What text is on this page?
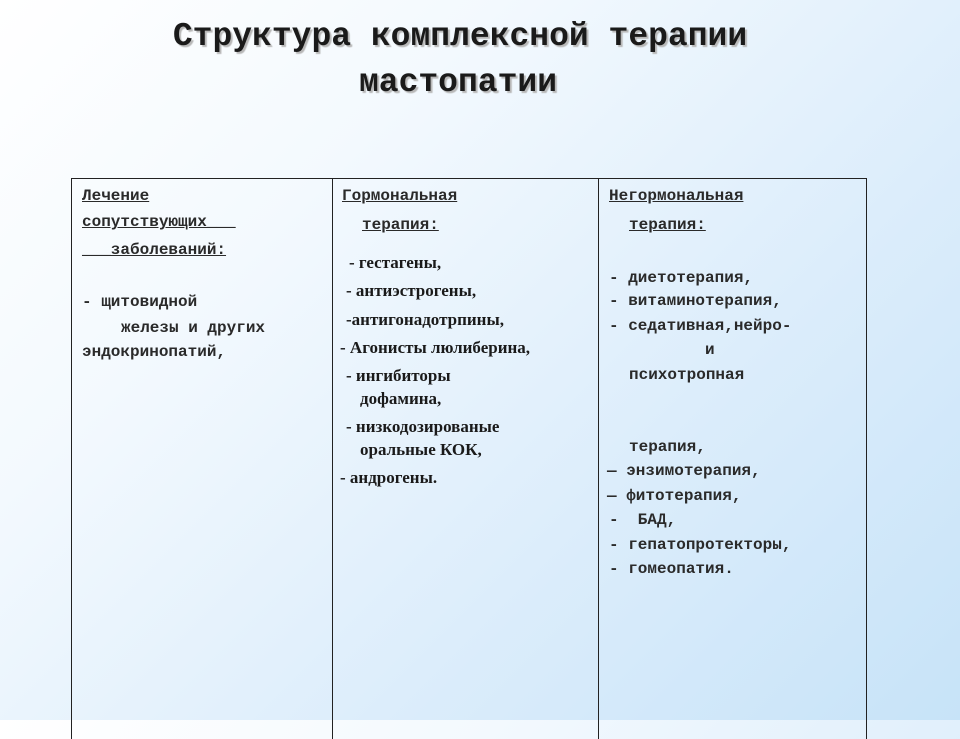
Структура комплексной терапии
мастопатии
Лечение
сопутствующих___
___заболеваний:
- щитовидной
железы и других
эндокринопатий,
Гормональная
терапия:
- гестагены,
- антиэстрогены,
-антигонадотрпины,
- Агонисты люлиберина,
- ингибиторы
дофамина,
- низкодозированые
оральные КОК,
- андрогены.
Негормональная
терапия:
- диетотерапия,
- витаминотерапия,
- седативная,нейро-
и
психотропная
терапия,
— энзимотерапия,
— фитотерапия,
-  БАД,
- гепатопротекторы,
- гомеопатия.
